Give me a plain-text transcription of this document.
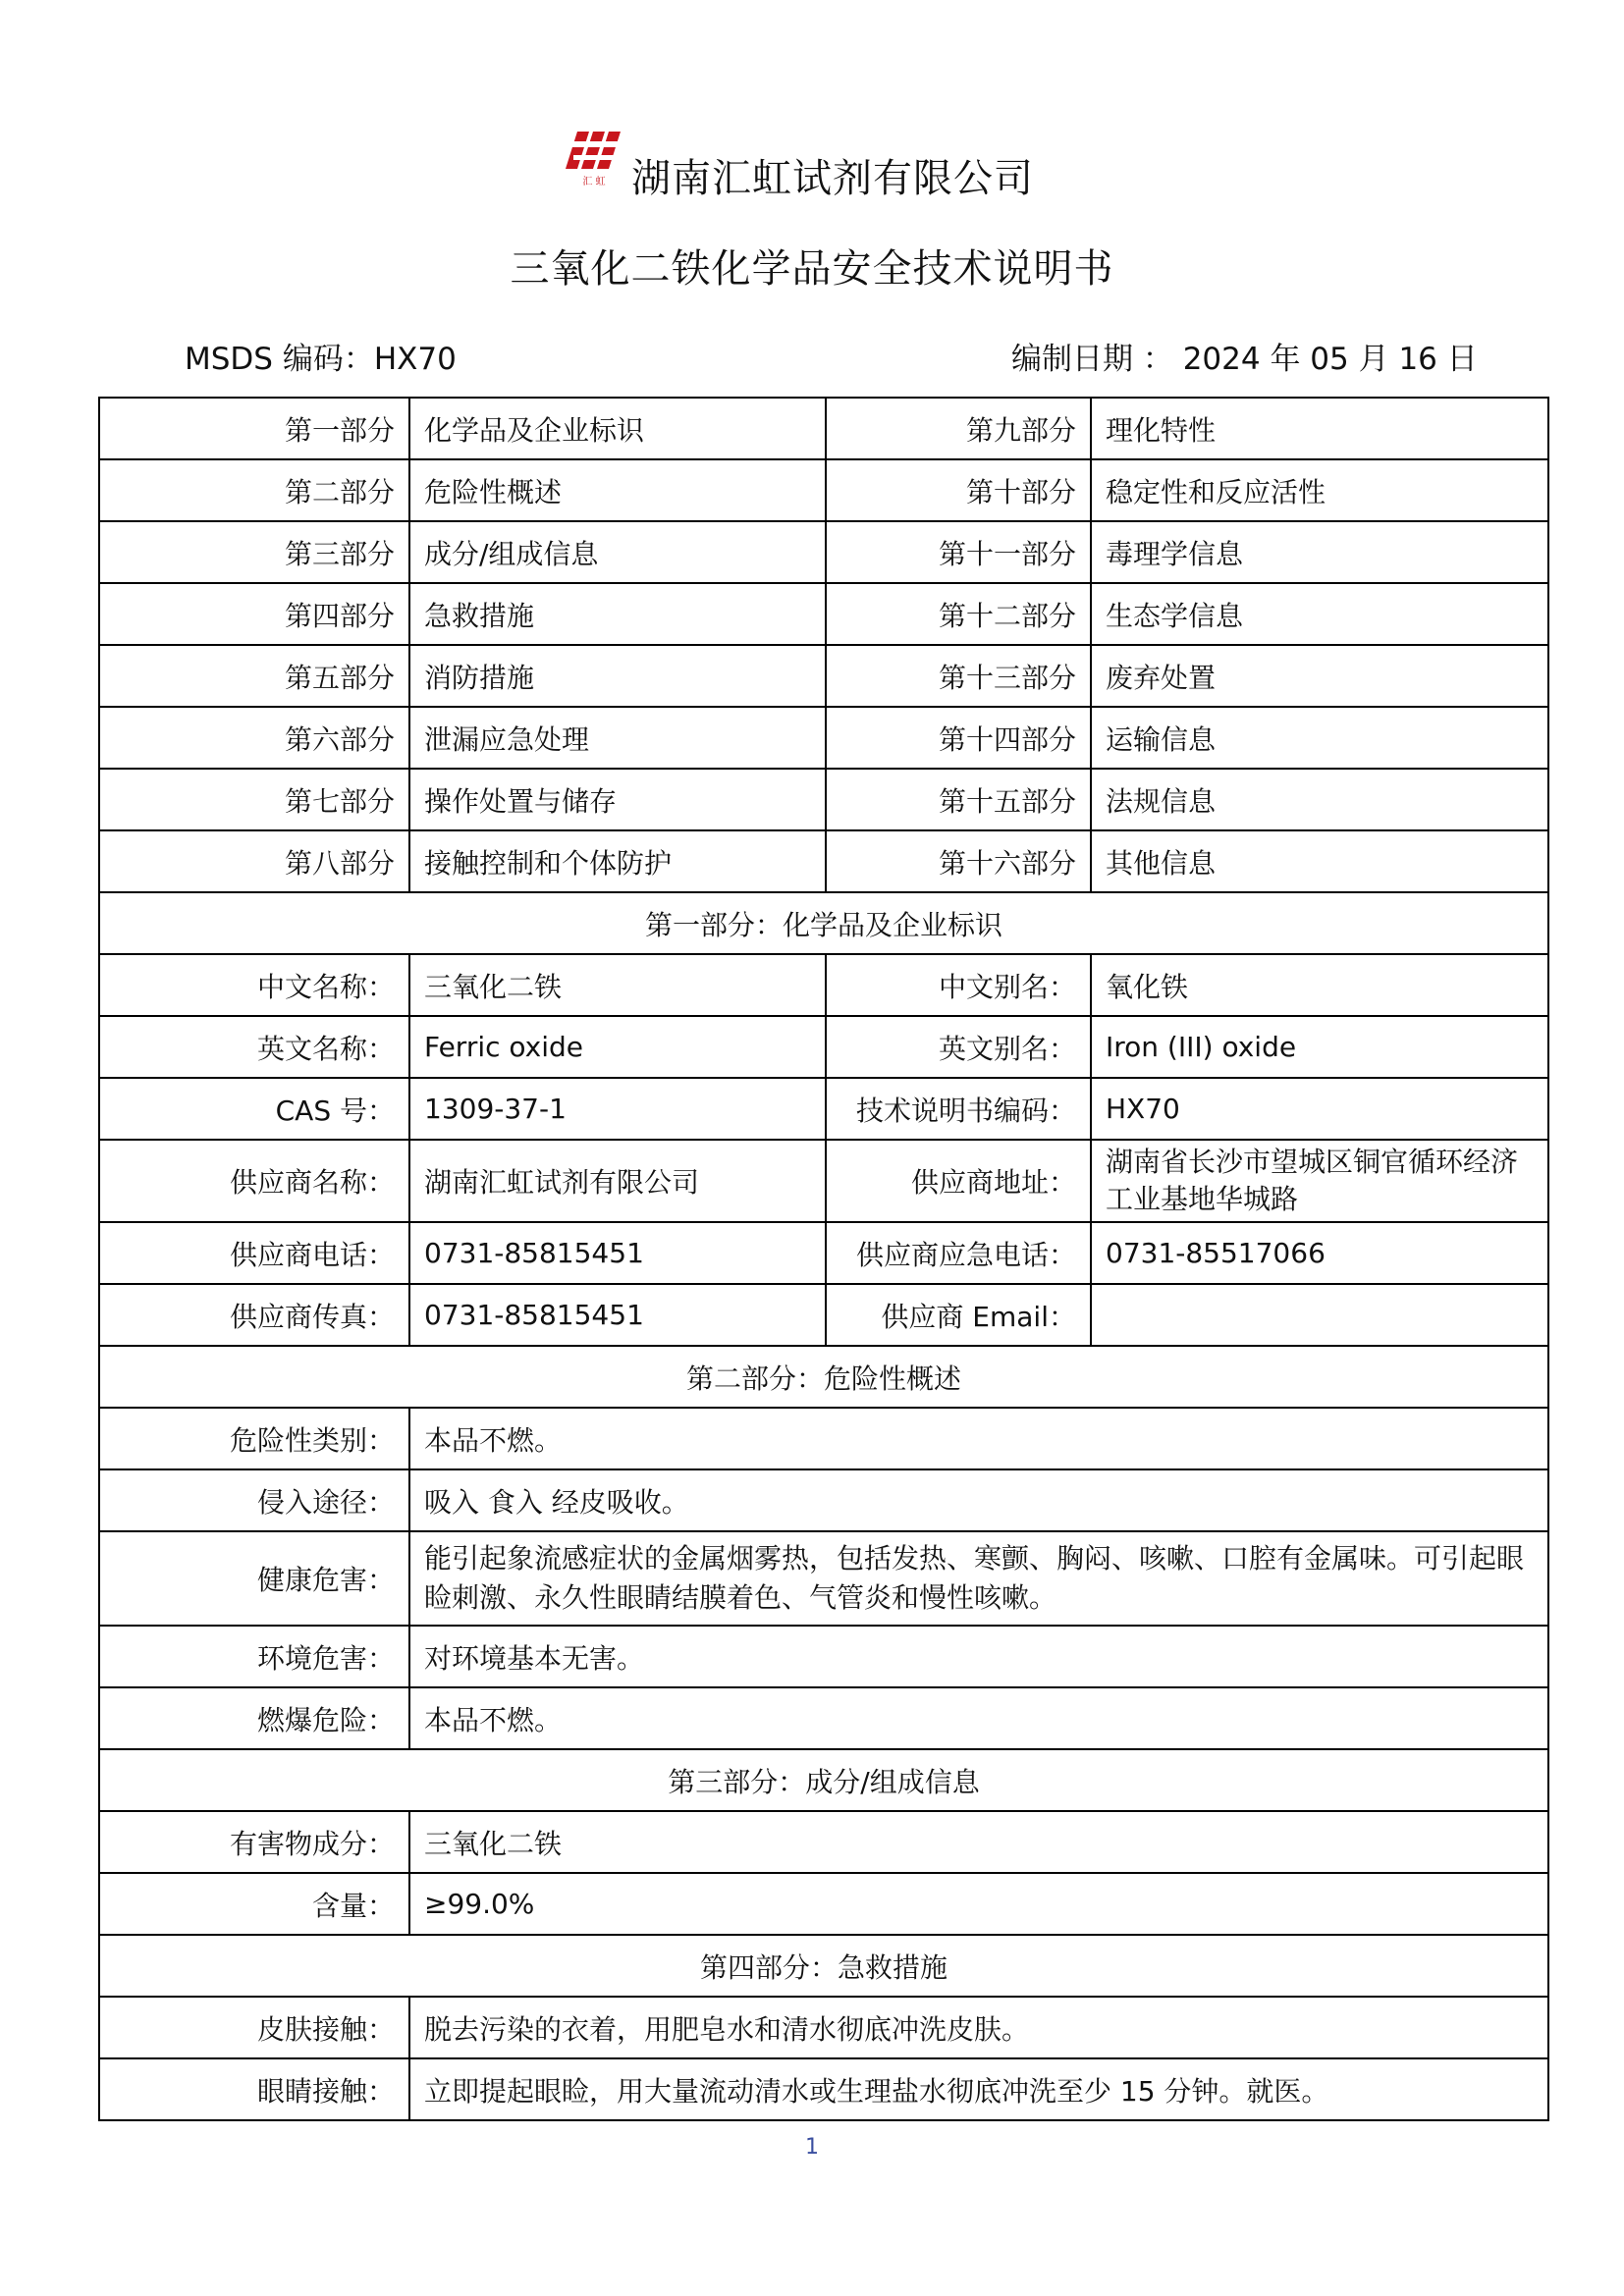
汇 虹 湖南汇虹试剂有限公司
三氧化二铁化学品安全技术说明书
MSDS 编码：HX70	编制日期 ： 2024 年 05 月 16 日
第一部分	化学品及企业标识	第九部分	理化特性
第二部分	危险性概述	第十部分	稳定性和反应活性
第三部分	成分/组成信息	第十一部分	毒理学信息
第四部分	急救措施	第十二部分	生态学信息
第五部分	消防措施	第十三部分	废弃处置
第六部分	泄漏应急处理	第十四部分	运输信息
第七部分	操作处置与储存	第十五部分	法规信息
第八部分	接触控制和个体防护	第十六部分	其他信息
第一部分：化学品及企业标识			
中文名称：	三氧化二铁	中文别名：	氧化铁
英文名称：	Ferric oxide	英文别名：	Iron (III) oxide
CAS 号：	1309-37-1	技术说明书编码：	HX70
供应商名称：	湖南汇虹试剂有限公司	供应商地址：	湖南省长沙市望城区铜官循环经济工业基地华城路
供应商电话：	0731-85815451	供应商应急电话：	0731-85517066
供应商传真：	0731-85815451	供应商 Email：	
第二部分：危险性概述			
危险性类别：	本品不燃。		
侵入途径：	吸入 食入 经皮吸收。		
健康危害：	能引起象流感症状的金属烟雾热，包括发热、寒颤、胸闷、咳嗽、口腔有金属味。可引起眼睑刺激、永久性眼睛结膜着色、气管炎和慢性咳嗽。		
环境危害：	对环境基本无害。		
燃爆危险：	本品不燃。		
第三部分：成分/组成信息			
有害物成分：	三氧化二铁		
含量：	≥99.0%		
第四部分：急救措施			
皮肤接触：	脱去污染的衣着，用肥皂水和清水彻底冲洗皮肤。		
眼睛接触：	立即提起眼睑，用大量流动清水或生理盐水彻底冲洗至少 15 分钟。就医。		
1
